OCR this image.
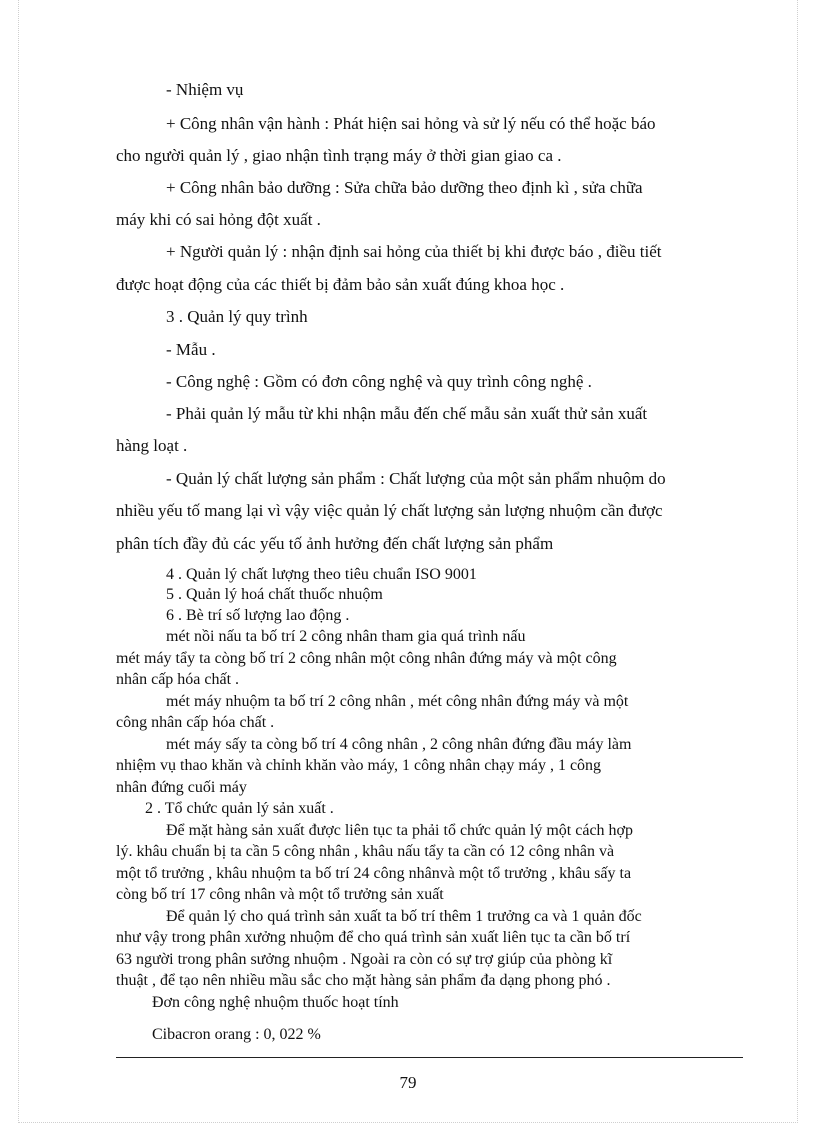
- Nhiệm vụ
+ Công nhân vận hành : Phát hiện sai hỏng và sử lý nếu có thể hoặc báo
cho người quản lý , giao nhận tình trạng máy ở thời gian giao ca .
+ Công nhân bảo dưỡng : Sửa chữa bảo dưỡng theo định kì , sửa chữa
máy khi có sai hỏng đột xuất .
+ Người quản lý : nhận định sai hỏng của thiết bị khi được báo , điều tiết
được hoạt động của các thiết bị đảm bảo sản xuất đúng khoa học .
3 . Quản lý quy trình
- Mẫu .
- Công nghệ : Gồm có đơn công nghệ và quy trình công nghệ .
- Phải quản lý mẫu từ khi nhận mẫu đến chế mẫu sản xuất thử sản xuất
hàng loạt .
- Quản lý chất lượng sản phẩm : Chất lượng của một sản phẩm nhuộm do
nhiều yếu tố mang lại vì vậy việc quản lý chất lượng sản lượng nhuộm cần được
phân tích đầy đủ các yếu tố ảnh hưởng đến chất lượng sản phẩm
4 . Quản lý chất lượng theo tiêu chuẩn ISO 9001
5 . Quản lý hoá chất thuốc nhuộm
6 . Bè trí số lượng lao động .
mét nồi nấu ta bố trí 2 công nhân tham gia quá trình nấu
mét máy tẩy ta còng bố trí 2 công nhân một công nhân đứng máy và một công
nhân cấp hóa chất .
mét máy nhuộm ta bố trí 2 công nhân , mét công nhân đứng máy và một
công nhân cấp hóa chất .
mét máy sấy ta còng bố trí 4 công nhân , 2 công nhân đứng đầu máy làm
nhiệm vụ thao khăn và chỉnh khăn vào máy, 1 công nhân chạy máy , 1 công
nhân đứng cuối máy
2 . Tổ chức quản lý sản xuất .
Để mặt hàng sản xuất được liên tục ta phải tổ chức quản lý một cách hợp
lý. khâu chuẩn bị ta cần 5 công nhân , khâu nấu tẩy ta cần có 12 công nhân và
một tổ trưởng , khâu nhuộm ta bố trí 24 công nhânvà một tổ trưởng , khâu sấy ta
còng bố trí 17 công nhân và một tổ trưởng sản xuất
Để quản lý cho quá trình sản xuất ta bố trí thêm 1 trưởng ca và 1 quản đốc
như vậy trong phân xưởng nhuộm để cho quá trình sản xuất liên tục ta cần bố trí
63 người trong phân sưởng nhuộm . Ngoài ra còn có sự trợ giúp của phòng kĩ
thuật , để tạo nên nhiều mầu sắc cho mặt hàng sản phẩm đa dạng phong phó .
Đơn công nghệ nhuộm thuốc hoạt tính
Cibacron orang : 0, 022 %
79
